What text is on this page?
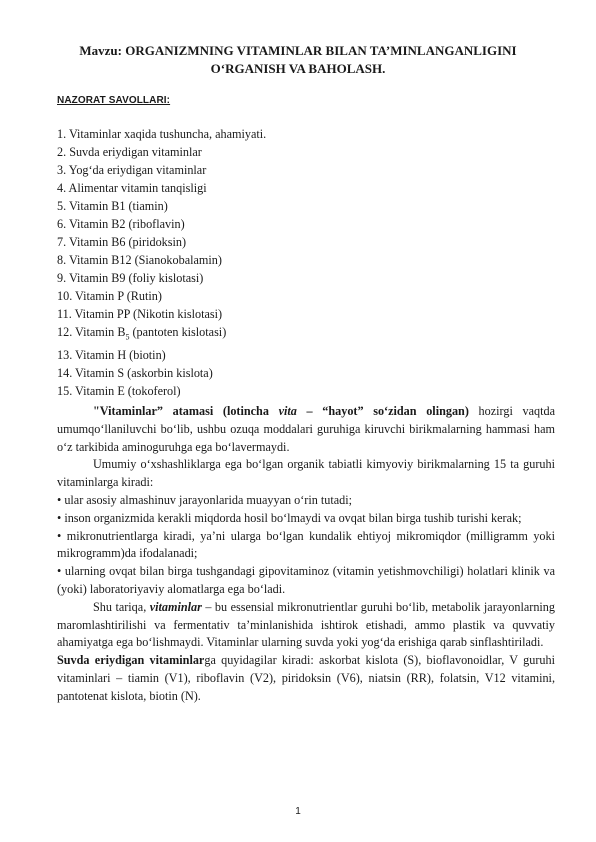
Mavzu: ORGANIZMNING VITAMINLAR BILAN TA’MINLANGANLIGINI
O‘RGANISH VA BAHOLASH.
NAZORAT SAVOLLARI:
1. Vitaminlar xaqida tushuncha, ahamiyati.
2. Suvda eriydigan vitaminlar
3. Yog‘da eriydigan vitaminlar
4. Alimentar vitamin tanqisligi
5. Vitamin B1 (tiamin)
6. Vitamin B2 (riboflavin)
7. Vitamin B6 (piridoksin)
8. Vitamin B12 (Sianokobalamin)
9. Vitamin B9 (foliy kislotasi)
10. Vitamin P (Rutin)
11. Vitamin PP (Nikotin kislotasi)
12. Vitamin $B_5$ (pantoten kislotasi)
13. Vitamin H (biotin)
14. Vitamin S (askorbin kislota)
15. Vitamin E (tokoferol)

"Vitaminlar” atamasi (lotincha vita – “hayot” so‘zidan olingan) hozirgi vaqtda umumqo‘llaniluvchi bo‘lib, ushbu ozuqa moddalari guruhiga kiruvchi birikmalarning hammasi ham o‘z tarkibida aminoguruhga ega bo‘lavermaydi.

Umumiy o‘xshashliklarga ega bo‘lgan organik tabiatli kimyoviy birikmalarning 15 ta guruhi vitaminlarga kiradi:

• ular asosiy almashinuv jarayonlarida muayyan o‘rin tutadi;

• inson organizmida kerakli miqdorda hosil bo‘lmaydi va ovqat bilan birga tushib turishi kerak;

• mikronutrientlarga kiradi, ya’ni ularga bo‘lgan kundalik ehtiyoj mikromiqdor (milligramm yoki mikrogramm)da ifodalanadi;

• ularning ovqat bilan birga tushgandagi gipovitaminoz (vitamin yetishmovchiligi) holatlari klinik va (yoki) laboratoriyaviy alomatlarga ega bo‘ladi.

Shu tariqa, vitaminlar – bu essensial mikronutrientlar guruhi bo‘lib, metabolik jarayonlarning maromlashtirilishi va fermentativ ta’minlanishida ishtirok etishadi, ammo plastik va quvvatiy ahamiyatga ega bo‘lishmaydi. Vitaminlar ularning suvda yoki yog‘da erishiga qarab sinflashtiriladi.

Suvda eriydigan vitaminlarga quyidagilar kiradi: askorbat kislota (S), bioflavonoidlar, V guruhi vitaminlari – tiamin (V1), riboflavin (V2), piridoksin (V6), niatsin (RR), folatsin, V12 vitamini, pantotenat kislota, biotin (N).

1
